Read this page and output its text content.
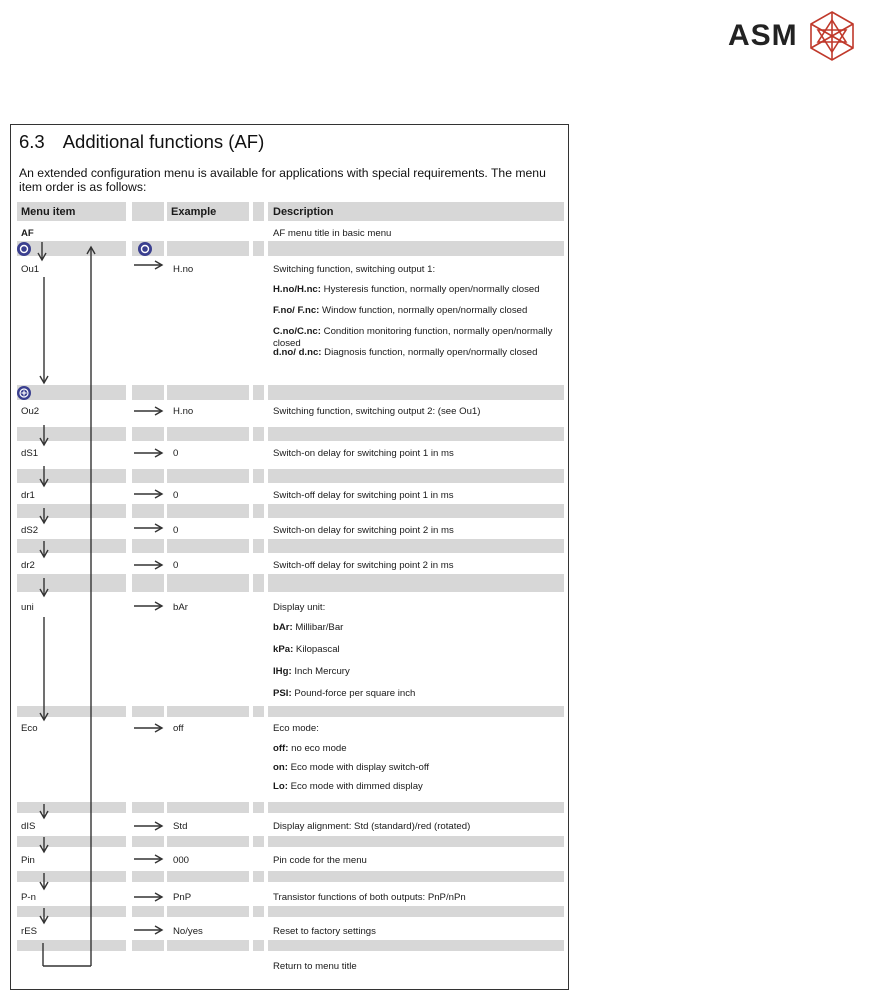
ASM
6.3 Additional functions (AF)
An extended configuration menu is available for applications with special requirements. The menu item order is as follows:
Menu item	Example	Description
AF	AF menu title in basic menu
Ou1	H.no	Switching function, switching output 1:
H.no/H.nc: Hysteresis function, normally open/normally closed
F.no/ F.nc: Window function, normally open/normally closed
C.no/C.nc: Condition monitoring function, normally open/normally closed
d.no/ d.nc: Diagnosis function, normally open/normally closed
Ou2	H.no	Switching function, switching output 2: (see Ou1)
dS1	0	Switch-on delay for switching point 1 in ms
dr1	0	Switch-off delay for switching point 1 in ms
dS2	0	Switch-on delay for switching point 2 in ms
dr2	0	Switch-off delay for switching point 2 in ms
uni	bAr	Display unit:
bAr: Millibar/Bar
kPa: Kilopascal
IHg: Inch Mercury
PSI: Pound-force per square inch
Eco	off	Eco mode:
off: no eco mode
on: Eco mode with display switch-off
Lo: Eco mode with dimmed display
dIS	Std	Display alignment: Std (standard)/red (rotated)
Pin	000	Pin code for the menu
P-n	PnP	Transistor functions of both outputs: PnP/nPn
rES	No/yes	Reset to factory settings
Return to menu title
